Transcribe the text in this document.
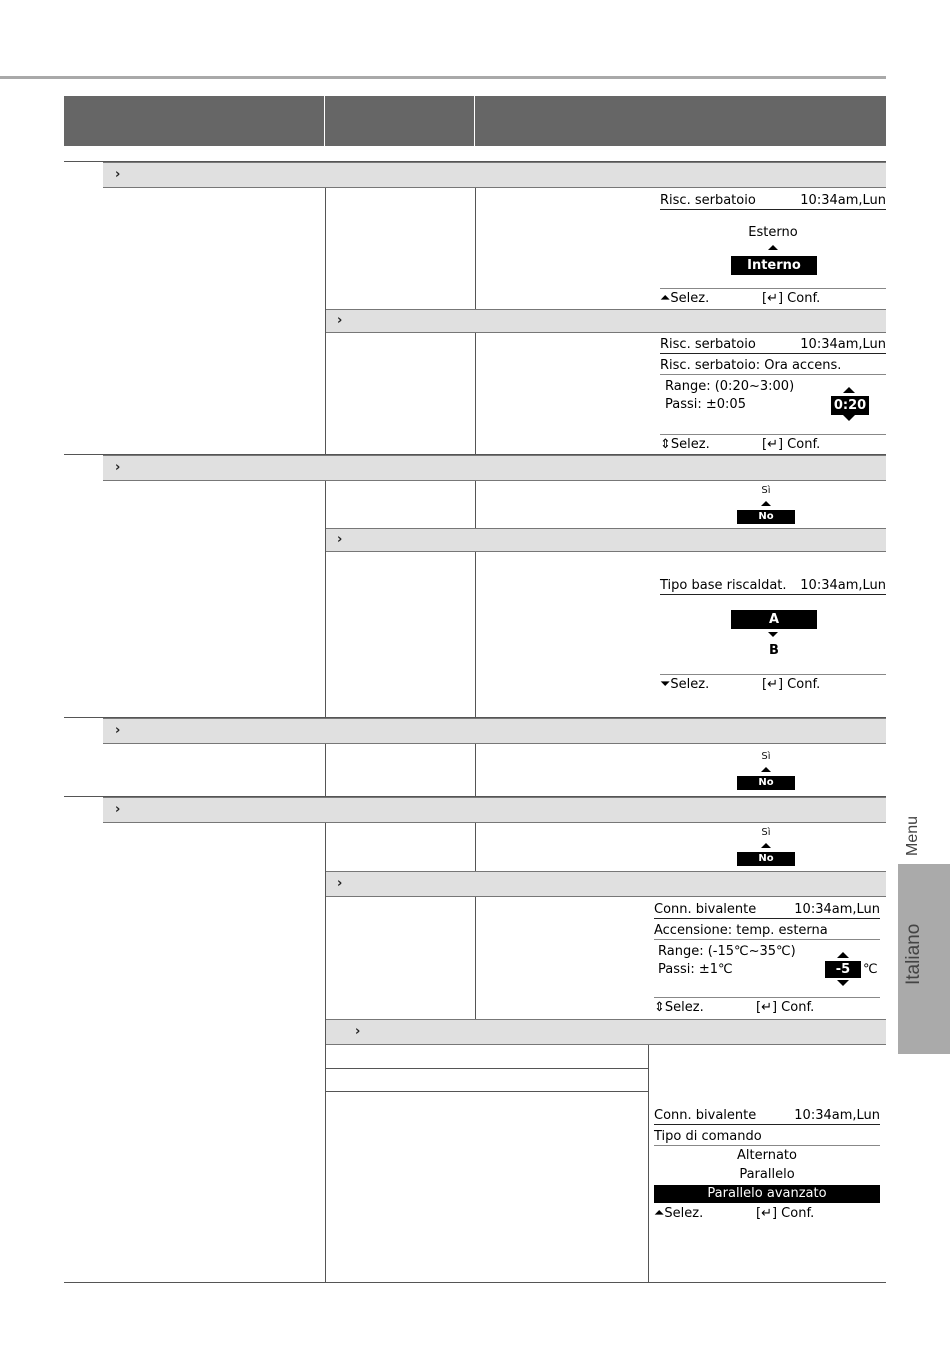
›
›
›
›
›
›
›
›
Risc. serbatoio	10:34am,Lun
Esterno
Interno
⏶Selez.	[↵] Conf.
Risc. serbatoio	10:34am,Lun
Risc. serbatoio: Ora accens.
Range: (0:20~3:00)
Passi: ±0:05	0:20
⇕Selez.	[↵] Conf.
Sì
No
Tipo base riscaldat. 10:34am,Lun
A
B
⏷Selez.	[↵] Conf.
Sì
No
Sì
No
Conn. bivalente	10:34am,Lun
Accensione: temp. esterna
Range: (-15℃~35℃)
Passi: ±1℃	-5 ℃
⇕Selez.	[↵] Conf.
Conn. bivalente	10:34am,Lun
Tipo di comando
Alternato
Parallelo
Parallelo avanzato
⏶Selez.	[↵] Conf.
Menu
Italiano
